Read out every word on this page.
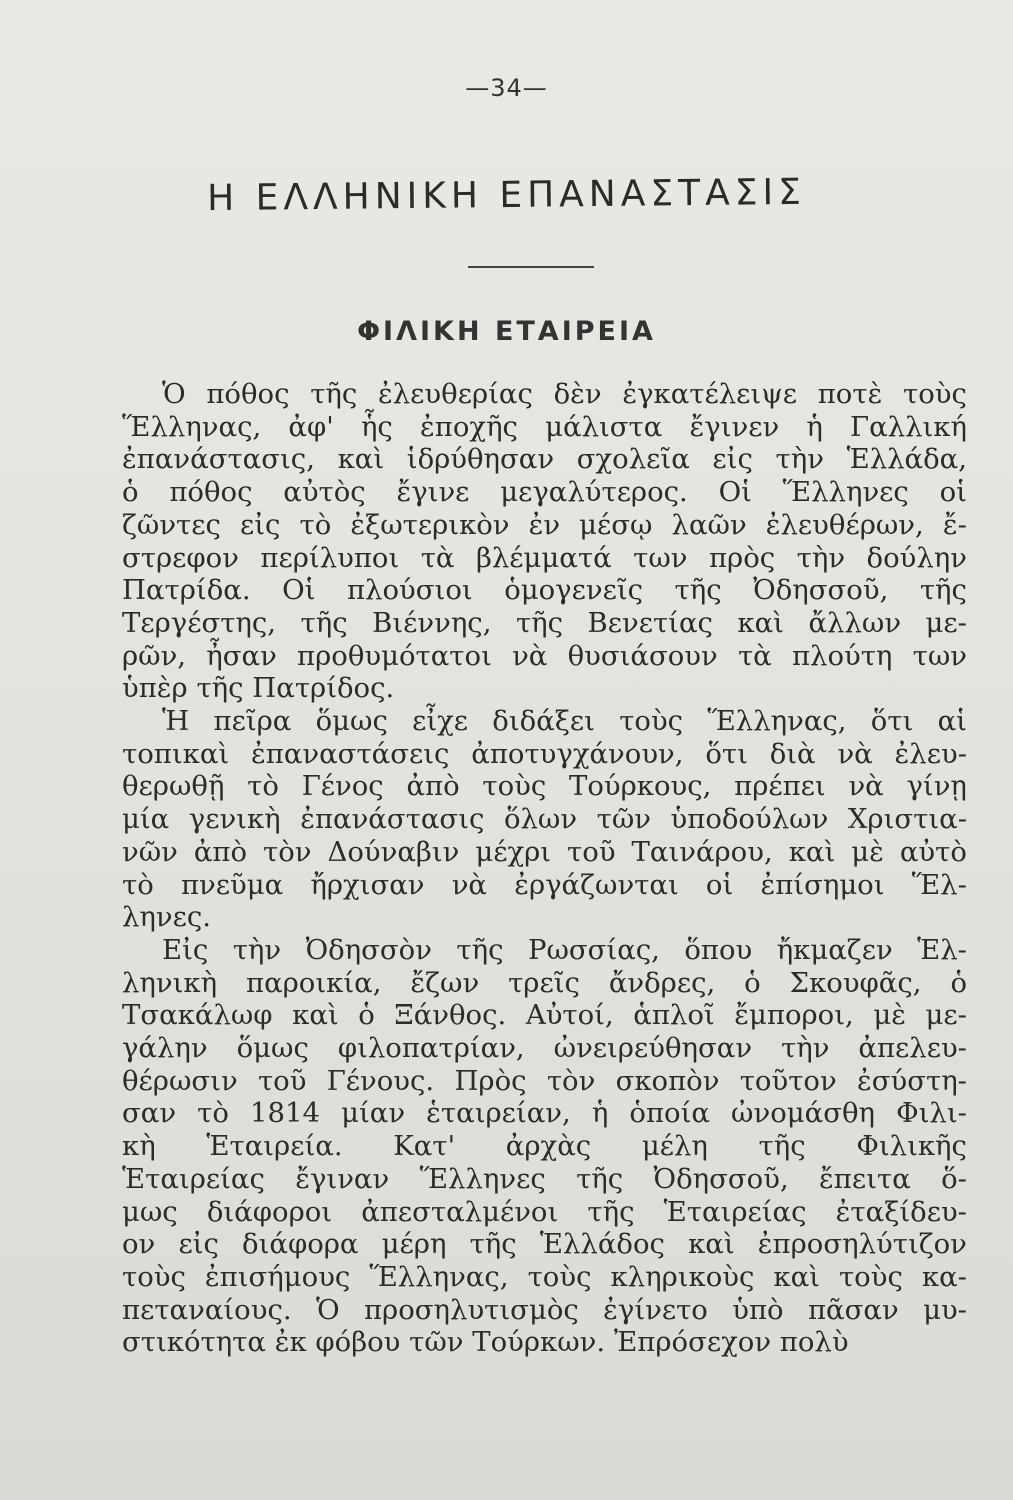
—34—
Η ΕΛΛΗΝΙΚΗ ΕΠΑΝΑΣΤΑΣΙΣ
ΦΙΛΙΚΗ ΕΤΑΙΡΕΙΑ
Ὁ πόθος τῆς ἐλευθερίας δὲν ἐγκατέλειψε ποτὲ τοὺς
Ἕλληνας, ἀφ' ἧς ἐποχῆς μάλιστα ἔγινεν ἡ Γαλλική
ἐπανάστασις, καὶ ἱδρύθησαν σχολεῖα εἰς τὴν Ἑλλάδα,
ὁ πόθος αὐτὸς ἔγινε μεγαλύτερος. Οἱ Ἕλληνες οἱ
ζῶντες εἰς τὸ ἐξωτερικὸν ἐν μέσῳ λαῶν ἐλευθέρων, ἔ-
στρεφον περίλυποι τὰ βλέμματά των πρὸς τὴν δούλην
Πατρίδα. Οἱ πλούσιοι ὁμογενεῖς τῆς Ὀδησσοῦ, τῆς
Τεργέστης, τῆς Βιέννης, τῆς Βενετίας καὶ ἄλλων με-
ρῶν, ἦσαν προθυμότατοι νὰ θυσιάσουν τὰ πλούτη των
ὑπὲρ τῆς Πατρίδος.
Ἡ πεῖρα ὅμως εἶχε διδάξει τοὺς Ἕλληνας, ὅτι αἱ
τοπικαὶ ἐπαναστάσεις ἀποτυγχάνουν, ὅτι διὰ νὰ ἐλευ-
θερωθῇ τὸ Γένος ἀπὸ τοὺς Τούρκους, πρέπει νὰ γίνῃ
μία γενικὴ ἐπανάστασις ὅλων τῶν ὑποδούλων Χριστια-
νῶν ἀπὸ τὸν Δούναβιν μέχρι τοῦ Ταινάρου, καὶ μὲ αὐτὸ
τὸ πνεῦμα ἤρχισαν νὰ ἐργάζωνται οἱ ἐπίσημοι Ἕλ-
ληνες.
Εἰς τὴν Ὀδησσὸν τῆς Ρωσσίας, ὅπου ἤκμαζεν Ἑλ-
ληνικὴ παροικία, ἔζων τρεῖς ἄνδρες, ὁ Σκουφᾶς, ὁ
Τσακάλωφ καὶ ὁ Ξάνθος. Αὐτοί, ἁπλοῖ ἔμποροι, μὲ με-
γάλην ὅμως φιλοπατρίαν, ὠνειρεύθησαν τὴν ἀπελευ-
θέρωσιν τοῦ Γένους. Πρὸς τὸν σκοπὸν τοῦτον ἐσύστη-
σαν τὸ 1814 μίαν ἑταιρείαν, ἡ ὁποία ὠνομάσθη Φιλι-
κὴ Ἑταιρεία. Κατ' ἀρχὰς μέλη τῆς Φιλικῆς
Ἑταιρείας ἔγιναν Ἕλληνες τῆς Ὀδησσοῦ, ἔπειτα ὅ-
μως διάφοροι ἀπεσταλμένοι τῆς Ἑταιρείας ἐταξίδευ-
ον εἰς διάφορα μέρη τῆς Ἑλλάδος καὶ ἐπροσηλύτιζον
τοὺς ἐπισήμους Ἕλληνας, τοὺς κληρικοὺς καὶ τοὺς κα-
πεταναίους. Ὁ προσηλυτισμὸς ἐγίνετο ὑπὸ πᾶσαν μυ-
στικότητα ἐκ φόβου τῶν Τούρκων. Ἐπρόσεχον πολὺ
